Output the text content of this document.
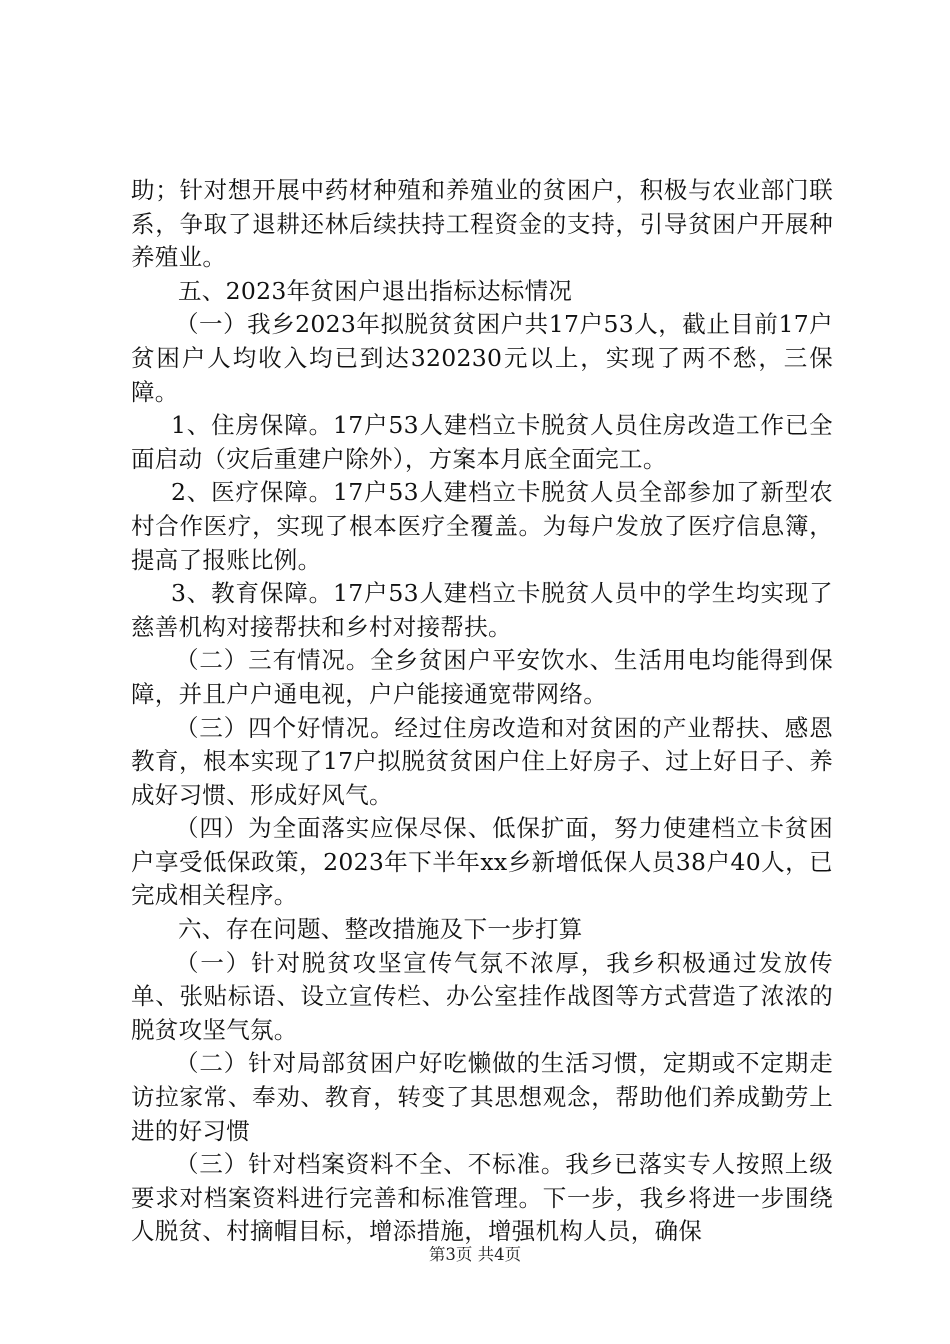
助；针对想开展中药材种殖和养殖业的贫困户，积极与农业部门联系，争取了退耕还林后续扶持工程资金的支持，引导贫困户开展种养殖业。

五、2023年贫困户退出指标达标情况

（一）我乡2023年拟脱贫贫困户共17户53人，截止目前17户贫困户人均收入均已到达320230元以上，实现了两不愁，三保障。

1、住房保障。17户53人建档立卡脱贫人员住房改造工作已全面启动（灾后重建户除外），方案本月底全面完工。

2、医疗保障。17户53人建档立卡脱贫人员全部参加了新型农村合作医疗，实现了根本医疗全覆盖。为每户发放了医疗信息簿，提高了报账比例。

3、教育保障。17户53人建档立卡脱贫人员中的学生均实现了慈善机构对接帮扶和乡村对接帮扶。

（二）三有情况。全乡贫困户平安饮水、生活用电均能得到保障，并且户户通电视，户户能接通宽带网络。

（三）四个好情况。经过住房改造和对贫困的产业帮扶、感恩教育，根本实现了17户拟脱贫贫困户住上好房子、过上好日子、养成好习惯、形成好风气。

（四）为全面落实应保尽保、低保扩面，努力使建档立卡贫困户享受低保政策，2023年下半年xx乡新增低保人员38户40人，已完成相关程序。

六、存在问题、整改措施及下一步打算

（一）针对脱贫攻坚宣传气氛不浓厚，我乡积极通过发放传单、张贴标语、设立宣传栏、办公室挂作战图等方式营造了浓浓的脱贫攻坚气氛。

（二）针对局部贫困户好吃懒做的生活习惯，定期或不定期走访拉家常、奉劝、教育，转变了其思想观念，帮助他们养成勤劳上进的好习惯

（三）针对档案资料不全、不标准。我乡已落实专人按照上级要求对档案资料进行完善和标准管理。下一步，我乡将进一步围绕人脱贫、村摘帽目标，增添措施，增强机构人员，确保

第3页 共4页
